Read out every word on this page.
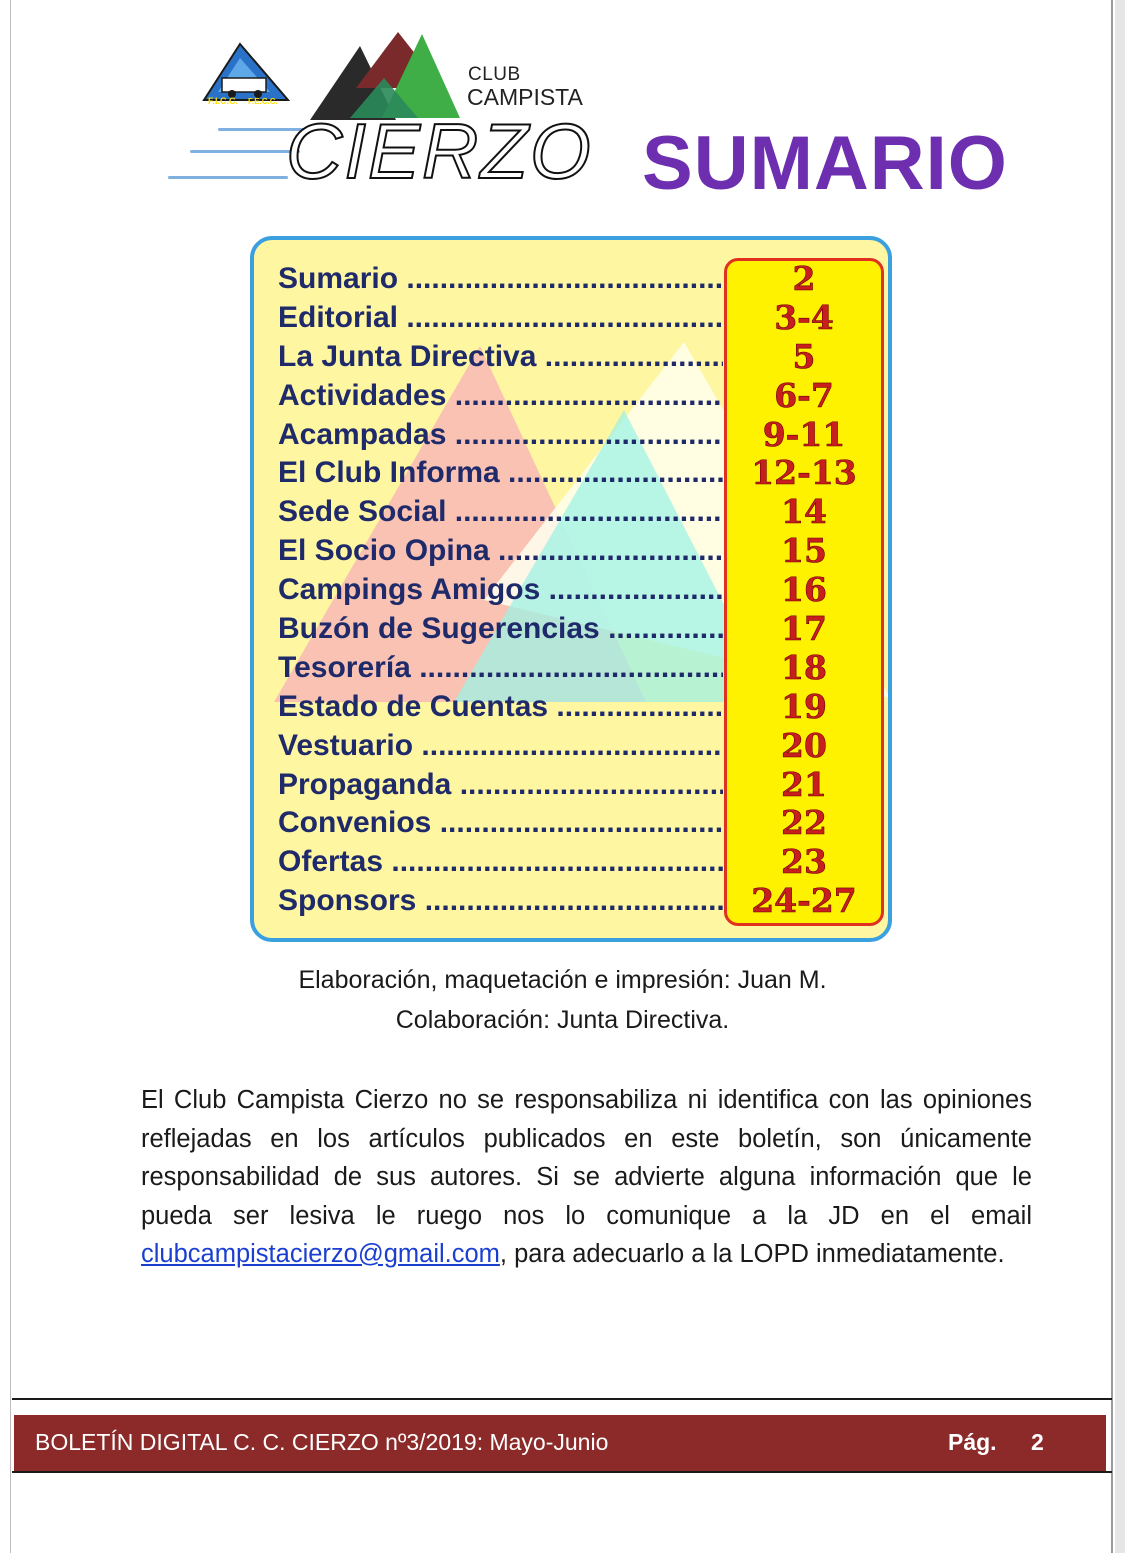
F.I.C.C. F.E.C.C.
CLUB
CAMPISTA
CIERZO SUMARIO
Sumario .....	2
Editorial .....	3-4
La Junta Directiva .....	5
Actividades .....	6-7
Acampadas .....	9-11
El Club Informa .....	12-13
Sede Social .....	14
El Socio Opina .....	15
Campings Amigos .....	16
Buzón de Sugerencias .....	17
Tesorería .....	18
Estado de Cuentas .....	19
Vestuario .....	20
Propaganda .....	21
Convenios .....	22
Ofertas .....	23
Sponsors .....	24-27
Elaboración, maquetación e impresión: Juan M.
Colaboración: Junta Directiva.
El Club Campista Cierzo no se responsabiliza ni identifica con las opiniones reflejadas en los artículos publicados en este boletín, son únicamente responsabilidad de sus autores. Si se advierte alguna información que le pueda ser lesiva le ruego nos lo comunique a la JD en el email clubcampistacierzo@gmail.com, para adecuarlo a la LOPD inmediatamente.
BOLETÍN DIGITAL C. C. CIERZO nº3/2019: Mayo-Junio	Pág. 2
